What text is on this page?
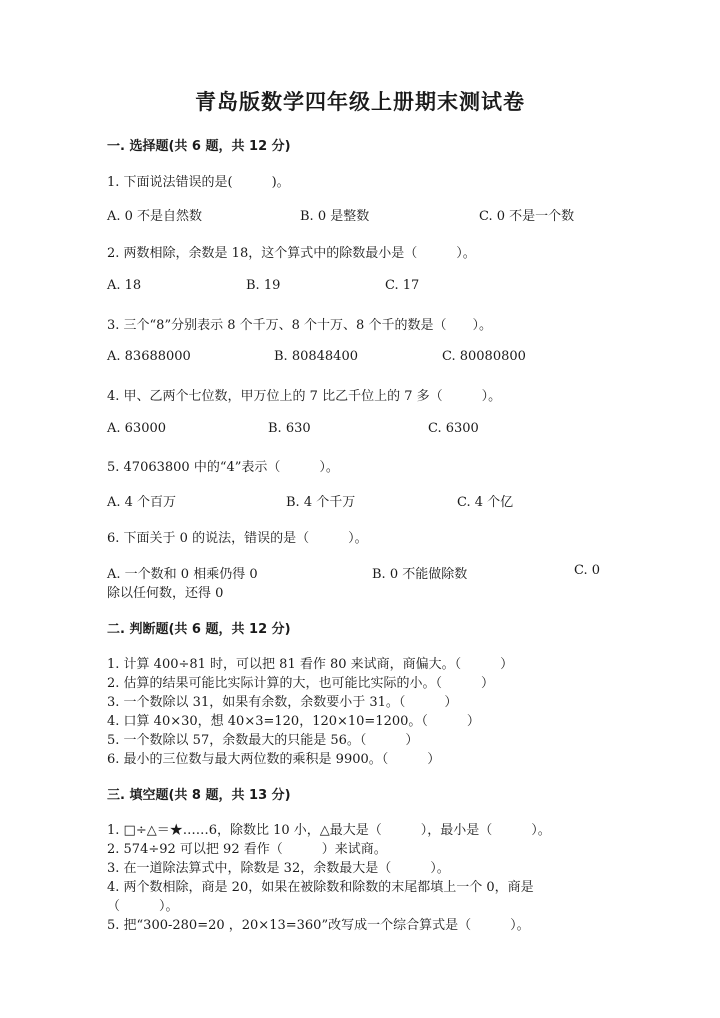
青岛版数学四年级上册期末测试卷
一. 选择题(共 6 题，共 12 分)
1. 下面说法错误的是(　　　)。
A. 0 不是自然数	B. 0 是整数	C. 0 不是一个数
2. 两数相除，余数是 18，这个算式中的除数最小是（　　　）。
A. 18	B. 19	C. 17
3. 三个“8”分别表示 8 个千万、8 个十万、8 个千的数是（　　）。
A. 83688000	B. 80848400	C. 80080800
4. 甲、乙两个七位数，甲万位上的 7 比乙千位上的 7 多（　　　）。
A. 63000	B. 630	C. 6300
5. 47063800 中的“4”表示（　　　）。
A. 4 个百万	B. 4 个千万	C. 4 个亿
6. 下面关于 0 的说法，错误的是（　　　）。
A. 一个数和 0 相乘仍得 0	B. 0 不能做除数	C. 0
除以任何数，还得 0
二. 判断题(共 6 题，共 12 分)
1. 计算 400÷81 时，可以把 81 看作 80 来试商，商偏大。（　　　）
2. 估算的结果可能比实际计算的大，也可能比实际的小。（　　　）
3. 一个数除以 31，如果有余数，余数要小于 31。（　　　）
4. 口算 40×30，想 40×3=120，120×10=1200。（　　　）
5. 一个数除以 57，余数最大的只能是 56。（　　　）
6. 最小的三位数与最大两位数的乘积是 9900。（　　　）
三. 填空题(共 8 题，共 13 分)
1. □÷△＝★……6，除数比 10 小，△最大是（　　　），最小是（　　　）。
2. 574÷92 可以把 92 看作（　　　）来试商。
3. 在一道除法算式中，除数是 32，余数最大是（　　　）。
4. 两个数相除，商是 20，如果在被除数和除数的末尾都填上一个 0，商是
（　　　）。
5. 把“300-280=20 ，20×13=360”改写成一个综合算式是（　　　）。
